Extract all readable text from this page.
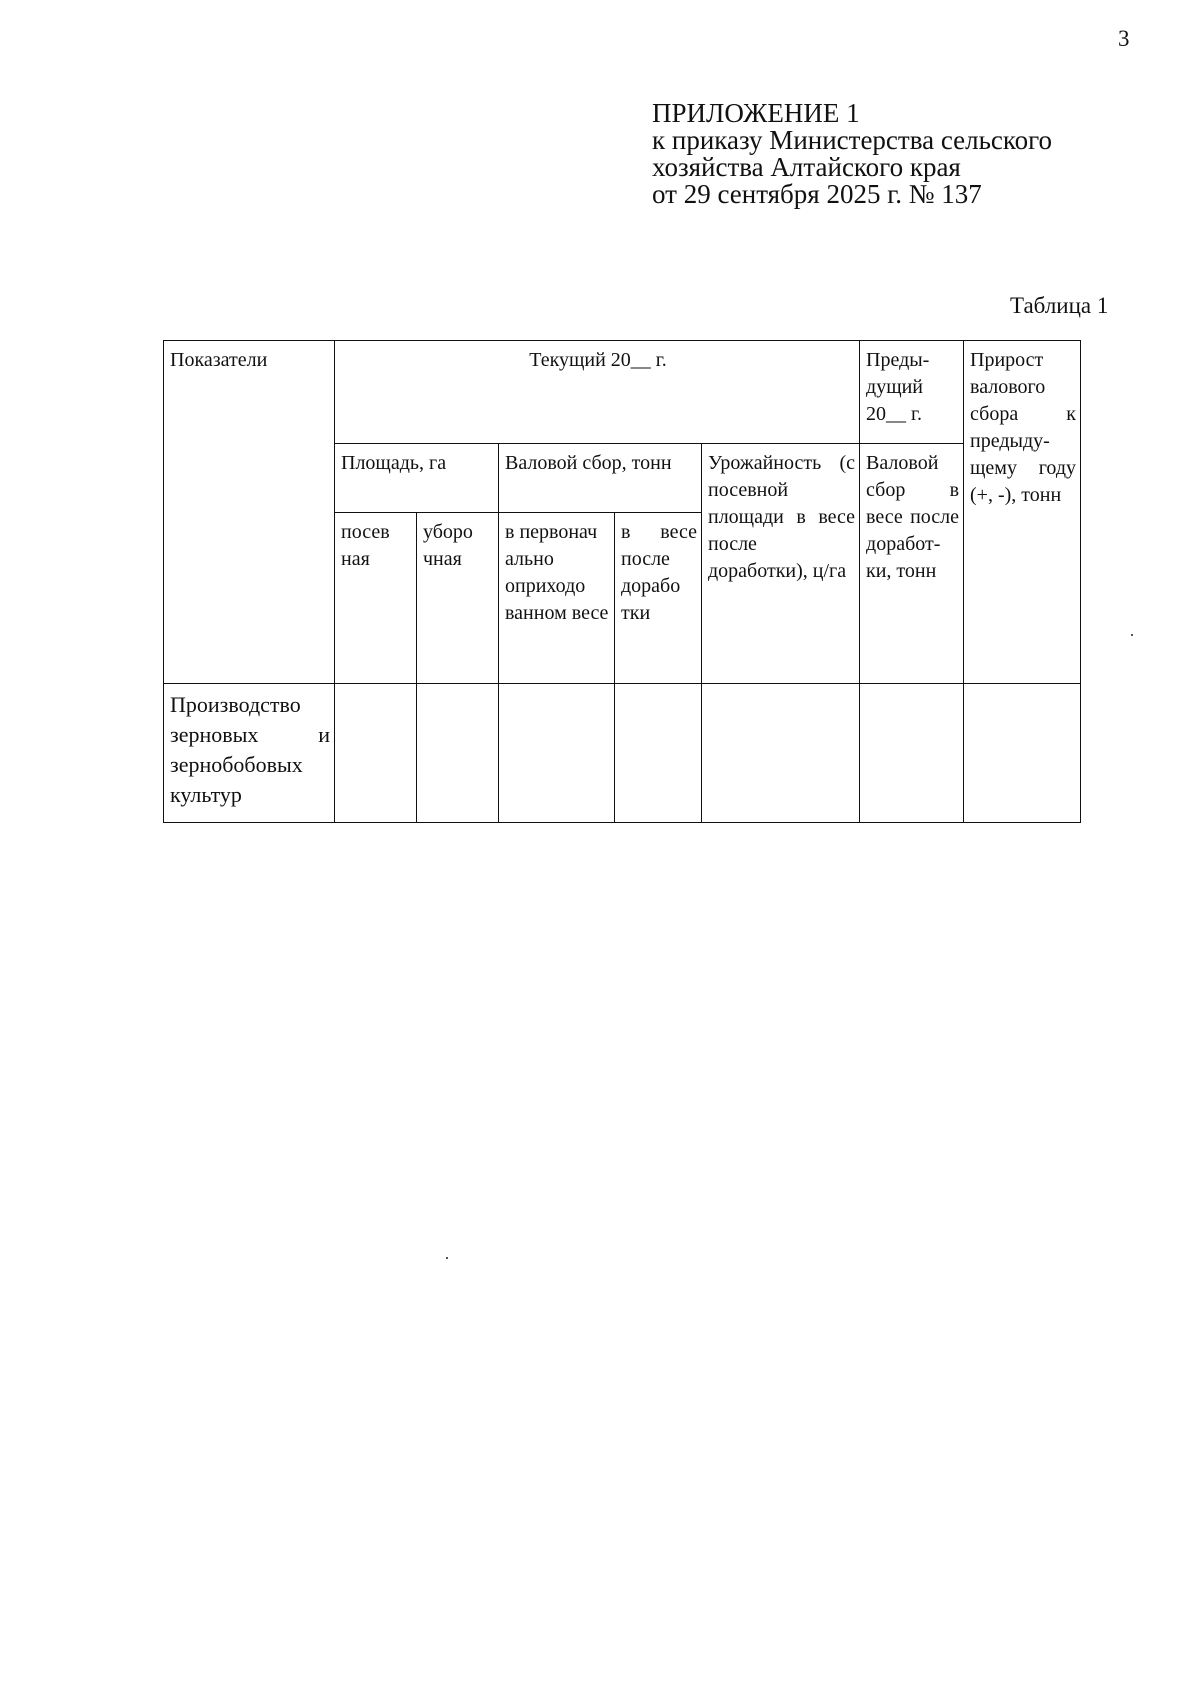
3
ПРИЛОЖЕНИЕ 1
к приказу Министерства сельского
хозяйства Алтайского края
от 29 сентября 2025 г. № 137
Таблица 1
Показатели	Текущий 20__ г.					Преды-дущий 20__ г.	Прирост валового сбора к предыду-щему году (+, -), тонн
	Площадь, га		Валовой сбор, тонн		Урожайность (с посевной площади в весе после доработки), ц/га	Валовой сбор в весе после доработ-ки, тонн	
	посев ная	уборо чная	в первонач ально оприходо ванном весе	в весе после дорабо тки			
Производство зерновых и зернобобовых культур							
